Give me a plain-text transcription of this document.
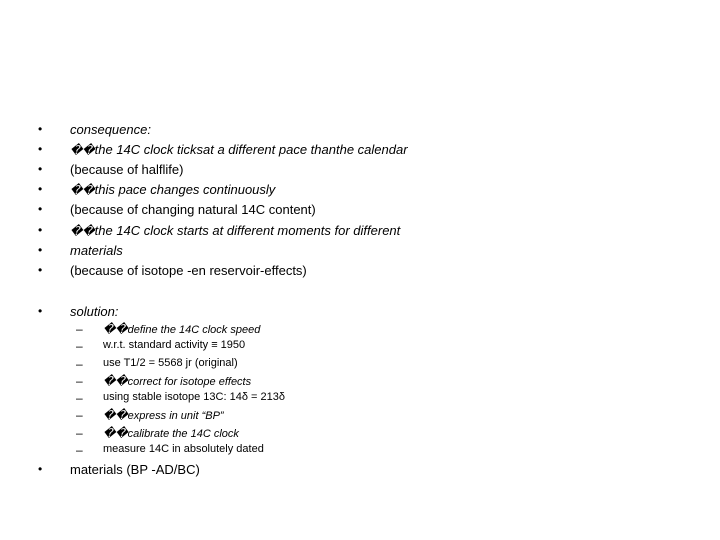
• consequence:
• ��the 14C clock ticksat a different pace thanthe calendar
• (because of halflife)
• ��this pace changes continuously
• (because of changing natural 14C content)
• ��the 14C clock starts at different moments for different
• materials
• (because of isotope -en reservoir-effects)
• solution:
– ��define the 14C clock speed
– w.r.t. standard activity ≡ 1950
– use T1/2 = 5568 jr (original)
– ��correct for isotope effects
– using stable isotope 13C: 14δ = 213δ
– ��express in unit “BP”
– ��calibrate the 14C clock
– measure 14C in absolutely dated
• materials (BP -AD/BC)
